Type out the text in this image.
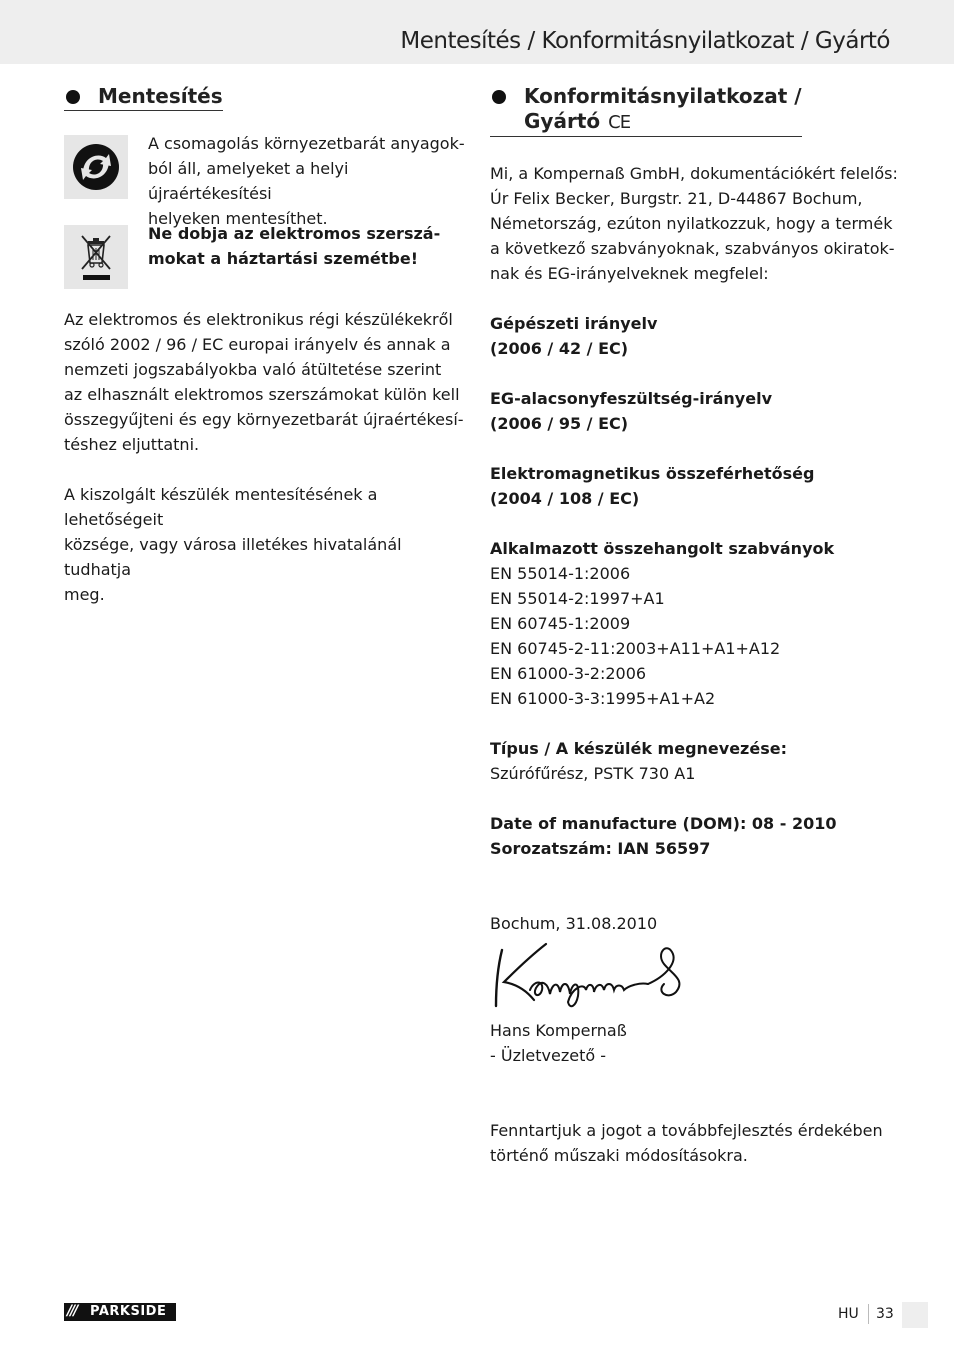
Mentesítés / Konformitásnyilatkozat / Gyártó
Mentesítés

A csomagolás környezetbarát anyagok-

ból áll, amelyeket a helyi újraértékesítési

helyeken mentesíthet.

Ne dobja az elektromos szerszá-

mokat a háztartási szemétbe!

Az elektromos és elektronikus régi készülékekről

szóló 2002 / 96 / EC europai irányelv és annak a

nemzeti jogszabályokba való átültetése szerint

az elhasznált elektromos szerszámokat külön kell

összegyűjteni és egy környezetbarát újraértékesí-

téshez eljuttatni.

A kiszolgált készülék mentesítésének a lehetőségeit

községe, vagy városa illetékes hivatalánál tudhatja

meg.

Konformitásnyilatkozat /
Gyártó CE

Mi, a Kompernaß GmbH, dokumentációkért felelős:

Úr Felix Becker, Burgstr. 21, D-44867 Bochum,

Németország, ezúton nyilatkozzuk, hogy a termék

a következő szabványoknak, szabványos okiratok-

nak és EG-irányelveknek megfelel:

Gépészeti irányelv

(2006 / 42 / EC)

EG-alacsonyfeszültség-irányelv

(2006 / 95 / EC)

Elektromagnetikus összeférhetőség

(2004 / 108 / EC)

Alkalmazott összehangolt szabványok

EN 55014-1:2006

EN 55014-2:1997+A1

EN 60745-1:2009

EN 60745-2-11:2003+A11+A1+A12

EN 61000-3-2:2006

EN 61000-3-3:1995+A1+A2

Típus / A készülék megnevezése:

Szúrófűrész, PSTK 730 A1

Date of manufacture (DOM): 08 - 2010

Sorozatszám: IAN 56597

Bochum, 31.08.2010

Hans Kompernaß

- Üzletvezető -

Fenntartjuk a jogot a továbbfejlesztés érdekében

történő műszaki módosításokra.

/// PARKSIDE	HU 33
